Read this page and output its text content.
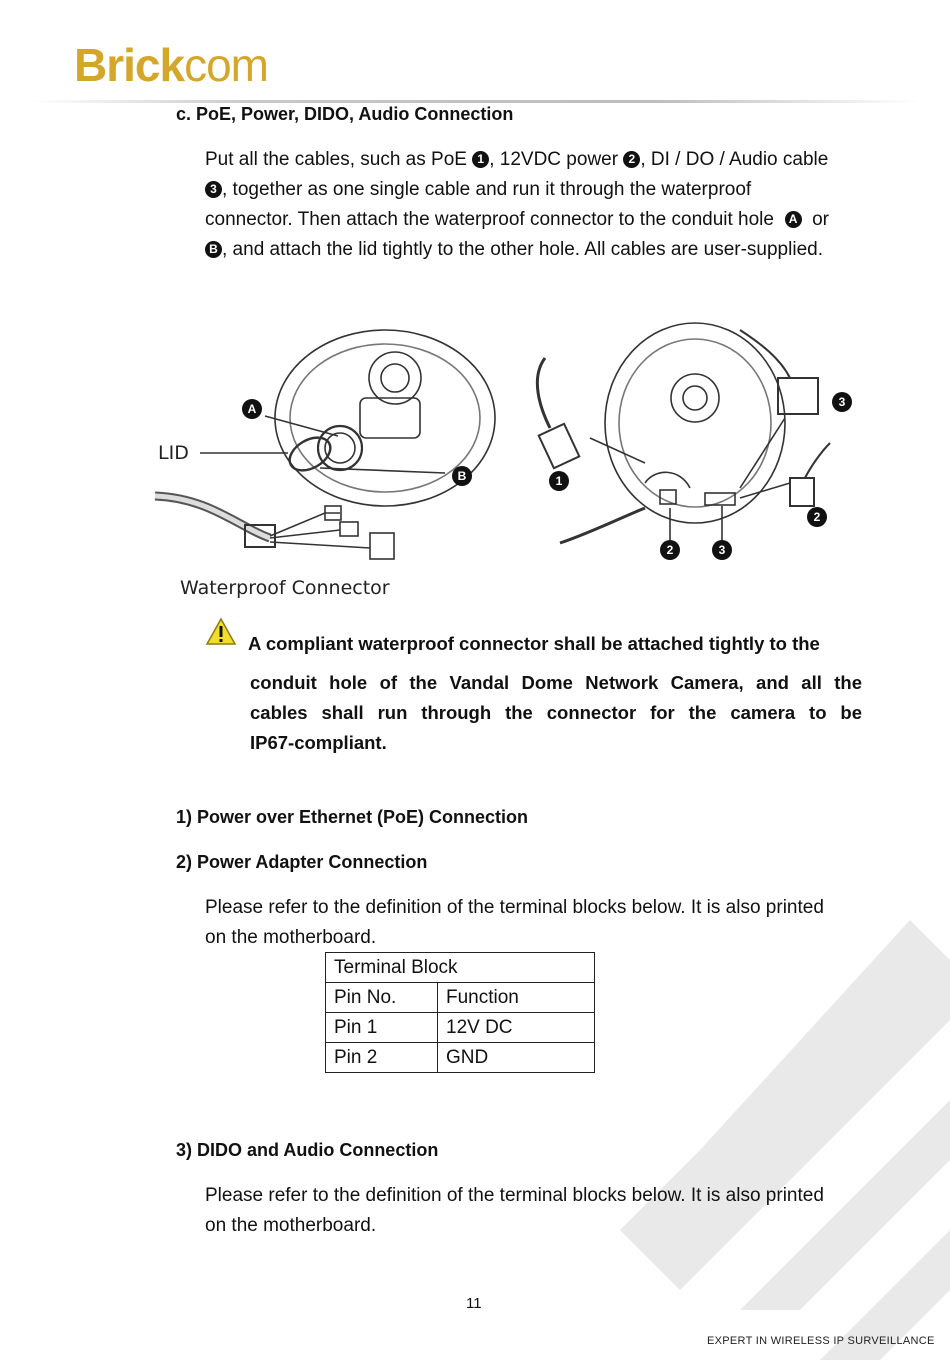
Brickcom
c. PoE, Power, DIDO, Audio Connection
Put all the cables, such as PoE 1 , 12VDC power 2 , DI / DO / Audio cable
3 , together as one single cable and run it through the waterproof
connector. Then attach the waterproof connector to the conduit hole A or
B , and attach the lid tightly to the other hole. All cables are user-supplied.
A
B	1
2	3
3
2
LID
Waterproof Connector
A compliant waterproof connector shall be attached tightly to the
conduit hole of the Vandal Dome Network Camera, and all the
cables shall run through the connector for the camera to be
IP67-compliant.
1) Power over Ethernet (PoE) Connection
2) Power Adapter Connection
Please refer to the definition of the terminal blocks below. It is also printed
on the motherboard.
Terminal Block	
Pin No.	Function
Pin 1	12V DC
Pin 2	GND
3) DIDO and Audio Connection
Please refer to the definition of the terminal blocks below. It is also printed
on the motherboard.
11
EXPERT IN WIRELESS IP SURVEILLANCE
